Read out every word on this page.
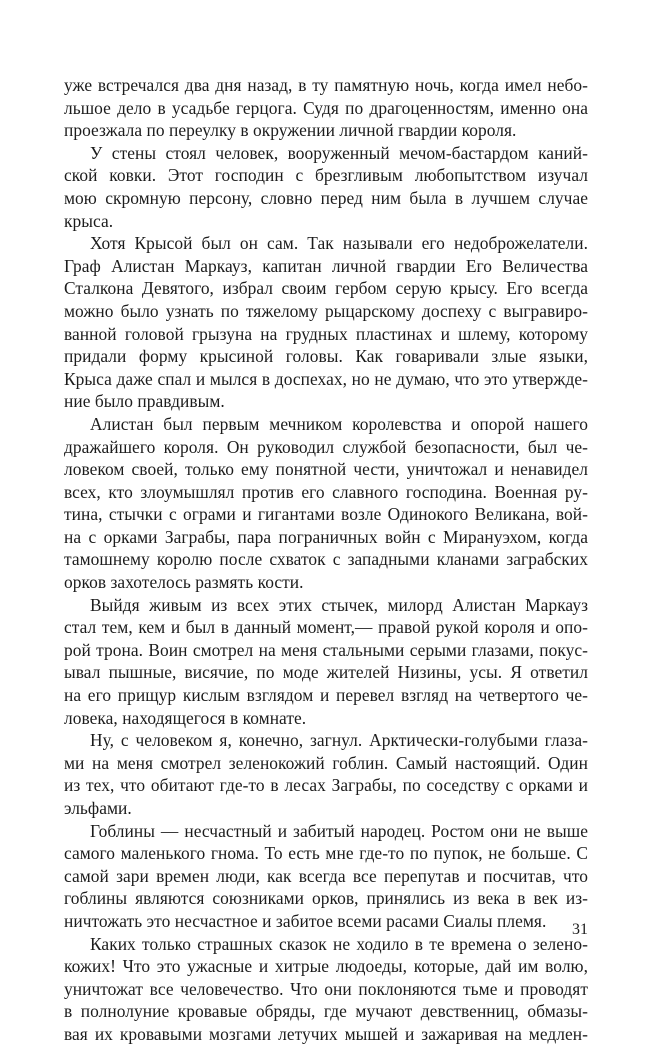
уже встречался два дня назад, в ту памятную ночь, когда имел небо-
льшое дело в усадьбе герцога. Судя по драгоценностям, именно она
проезжала по переулку в окружении личной гвардии короля.
У стены стоял человек, вооруженный мечом-бастардом каний-
ской ковки. Этот господин с брезгливым любопытством изучал
мою скромную персону, словно перед ним была в лучшем случае
крыса.
Хотя Крысой был он сам. Так называли его недоброжелатели.
Граф Алистан Маркауз, капитан личной гвардии Его Величества
Сталкона Девятого, избрал своим гербом серую крысу. Его всегда
можно было узнать по тяжелому рыцарскому доспеху с выгравиро-
ванной головой грызуна на грудных пластинах и шлему, которому
придали форму крысиной головы. Как говаривали злые языки,
Крыса даже спал и мылся в доспехах, но не думаю, что это утвержде-
ние было правдивым.
Алистан был первым мечником королевства и опорой нашего
дражайшего короля. Он руководил службой безопасности, был че-
ловеком своей, только ему понятной чести, уничтожал и ненавидел
всех, кто злоумышлял против его славного господина. Военная ру-
тина, стычки с ограми и гигантами возле Одинокого Великана, вой-
на с орками Заграбы, пара пограничных войн с Мирануэхом, когда
тамошнему королю после схваток с западными кланами заграбских
орков захотелось размять кости.
Выйдя живым из всех этих стычек, милорд Алистан Маркауз
стал тем, кем и был в данный момент,— правой рукой короля и опо-
рой трона. Воин смотрел на меня стальными серыми глазами, покус-
ывал пышные, висячие, по моде жителей Низины, усы. Я ответил
на его прищур кислым взглядом и перевел взгляд на четвертого че-
ловека, находящегося в комнате.
Ну, с человеком я, конечно, загнул. Арктически-голубыми глаза-
ми на меня смотрел зеленокожий гоблин. Самый настоящий. Один
из тех, что обитают где-то в лесах Заграбы, по соседству с орками и
эльфами.
Гоблины — несчастный и забитый народец. Ростом они не выше
самого маленького гнома. То есть мне где-то по пупок, не больше. С
самой зари времен люди, как всегда все перепутав и посчитав, что
гоблины являются союзниками орков, принялись из века в век из-
ничтожать это несчастное и забитое всеми расами Сиалы племя.
Каких только страшных сказок не ходило в те времена о зелено-
кожих! Что это ужасные и хитрые людоеды, которые, дай им волю,
уничтожат все человечество. Что они поклоняются тьме и проводят
в полнолуние кровавые обряды, где мучают девственниц, обмазы-
вая их кровавыми мозгами летучих мышей и зажаривая на медлен-
31
